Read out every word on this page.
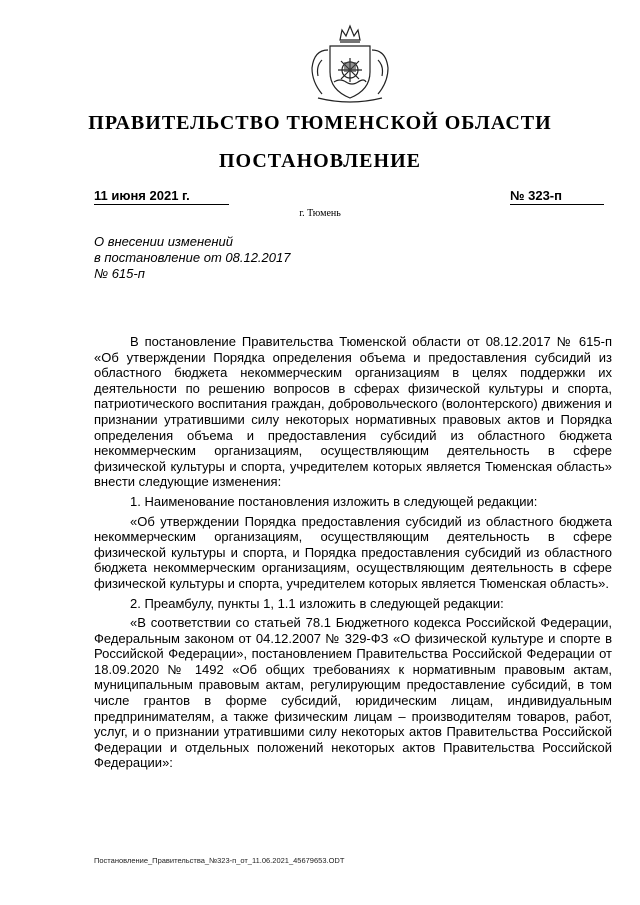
ПРАВИТЕЛЬСТВО ТЮМЕНСКОЙ ОБЛАСТИ
ПОСТАНОВЛЕНИЕ
11 июня 2021 г.	№ 323-п
г. Тюмень
О внесении изменений
в постановление от 08.12.2017
№ 615-п

В постановление Правительства Тюменской области от 08.12.2017 № 615-п «Об утверждении Порядка определения объема и предоставления субсидий из областного бюджета некоммерческим организациям в целях поддержки их деятельности по решению вопросов в сферах физической культуры и спорта, патриотического воспитания граждан, добровольческого (волонтерского) движения и признании утратившими силу некоторых нормативных правовых актов и Порядка определения объема и предоставления субсидий из областного бюджета некоммерческим организациям, осуществляющим деятельность в сфере физической культуры и спорта, учредителем которых является Тюменская область» внести следующие изменения:

1. Наименование постановления изложить в следующей редакции:

«Об утверждении Порядка предоставления субсидий из областного бюджета некоммерческим организациям, осуществляющим деятельность в сфере физической культуры и спорта, и Порядка предоставления субсидий из областного бюджета некоммерческим организациям, осуществляющим деятельность в сфере физической культуры и спорта, учредителем которых является Тюменская область».

2. Преамбулу, пункты 1, 1.1 изложить в следующей редакции:

«В соответствии со статьей 78.1 Бюджетного кодекса Российской Федерации, Федеральным законом от 04.12.2007 № 329-ФЗ «О физической культуре и спорте в Российской Федерации», постановлением Правительства Российской Федерации от 18.09.2020 № 1492 «Об общих требованиях к нормативным правовым актам, муниципальным правовым актам, регулирующим предоставление субсидий, в том числе грантов в форме субсидий, юридическим лицам, индивидуальным предпринимателям, а также физическим лицам – производителям товаров, работ, услуг, и о признании утратившими силу некоторых актов Правительства Российской Федерации и отдельных положений некоторых актов Правительства Российской Федерации»:

Постановление_Правительства_№323-п_от_11.06.2021_45679653.ODT
